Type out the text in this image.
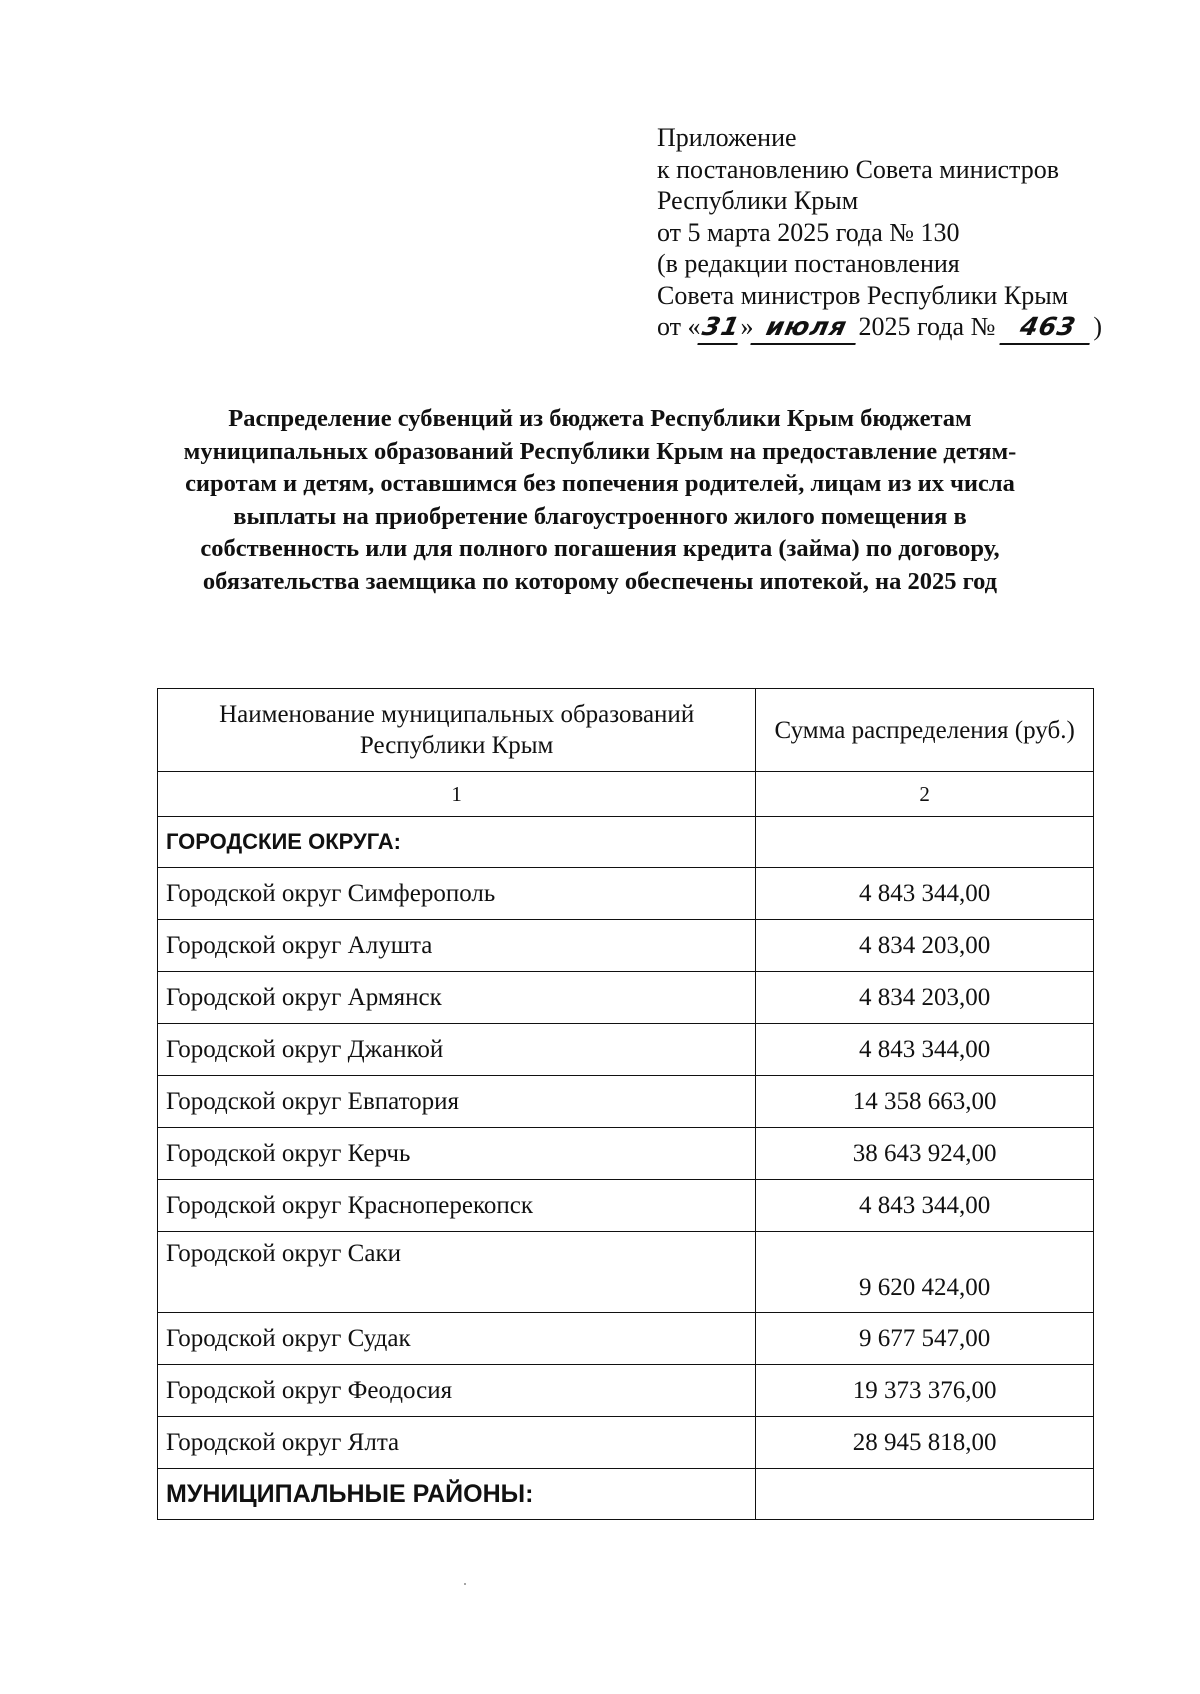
Приложение
к постановлению Совета министров
Республики Крым
от 5 марта 2025 года № 130
(в редакции постановления
Совета министров Республики Крым
от «31» июля 2025 года № 463 )
Распределение субвенций из бюджета Республики Крым бюджетам муниципальных образований Республики Крым на предоставление детям-сиротам и детям, оставшимся без попечения родителей, лицам из их числа выплаты на приобретение благоустроенного жилого помещения в собственность или для полного погашения кредита (займа) по договору, обязательства заемщика по которому обеспечены ипотекой, на 2025 год
Наименование муниципальных образований Республики Крым	Сумма распределения (руб.)
1	2
ГОРОДСКИЕ ОКРУГА:	
Городской округ Симферополь	4 843 344,00
Городской округ Алушта	4 834 203,00
Городской округ Армянск	4 834 203,00
Городской округ Джанкой	4 843 344,00
Городской округ Евпатория	14 358 663,00
Городской округ Керчь	38 643 924,00
Городской округ Красноперекопск	4 843 344,00
Городской округ Саки	9 620 424,00
Городской округ Судак	9 677 547,00
Городской округ Феодосия	19 373 376,00
Городской округ Ялта	28 945 818,00
МУНИЦИПАЛЬНЫЕ РАЙОНЫ:	
